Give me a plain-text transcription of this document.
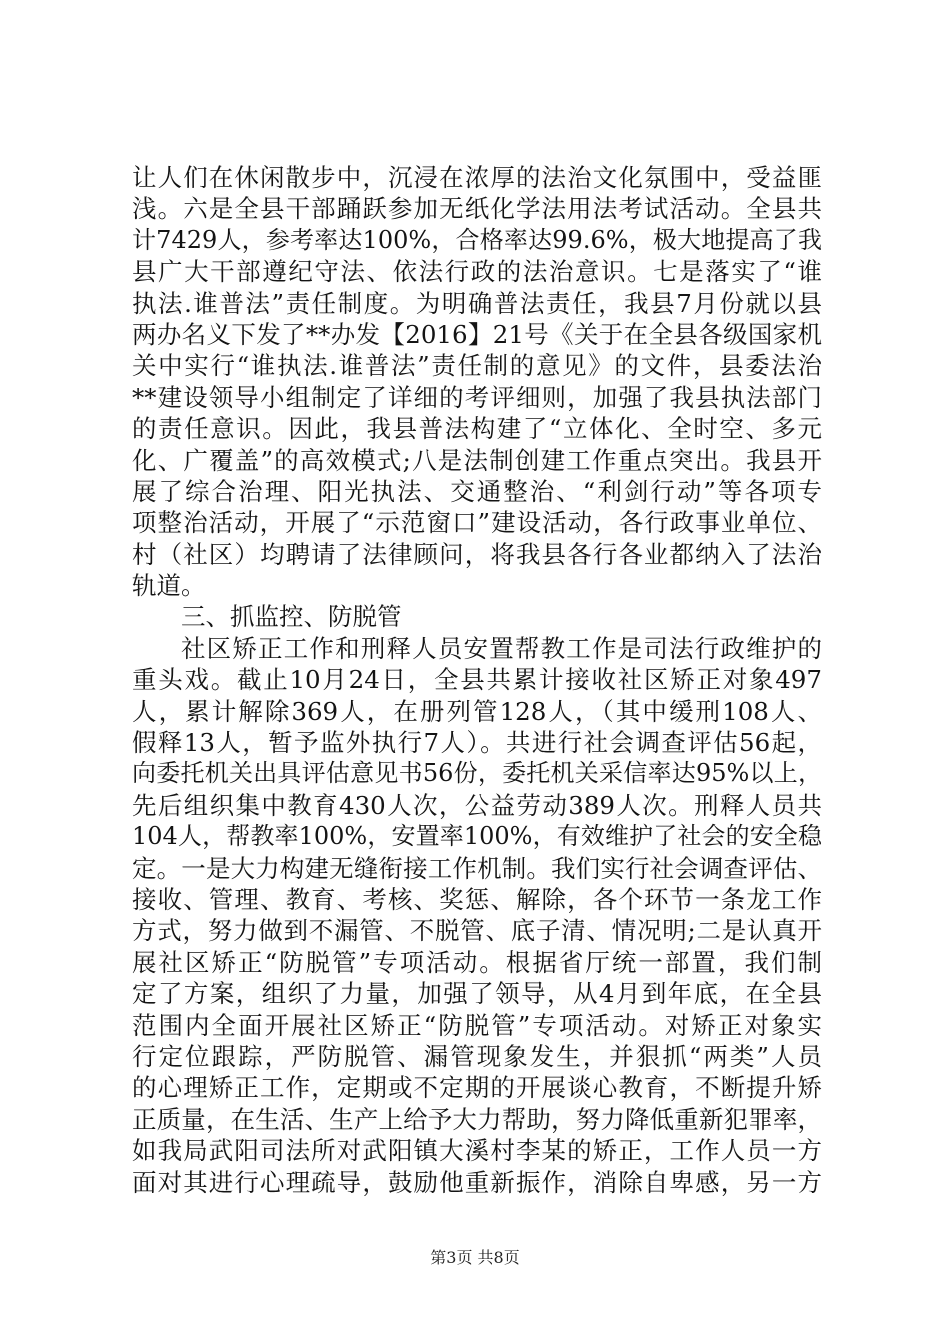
让人们在休闲散步中，沉浸在浓厚的法治文化氛围中，受益匪
浅。六是全县干部踊跃参加无纸化学法用法考试活动。全县共
计7429人，参考率达100%，合格率达99.6%，极大地提高了我
县广大干部遵纪守法、依法行政的法治意识。七是落实了“谁
执法.谁普法”责任制度。为明确普法责任，我县7月份就以县
两办名义下发了**办发【2016】21号《关于在全县各级国家机
关中实行“谁执法.谁普法”责任制的意见》的文件，县委法治
**建设领导小组制定了详细的考评细则，加强了我县执法部门
的责任意识。因此，我县普法构建了“立体化、全时空、多元
化、广覆盖”的高效模式;八是法制创建工作重点突出。我县开
展了综合治理、阳光执法、交通整治、“利剑行动”等各项专
项整治活动，开展了“示范窗口”建设活动，各行政事业单位、
村（社区）均聘请了法律顾问，将我县各行各业都纳入了法治
轨道。
三、抓监控、防脱管
社区矫正工作和刑释人员安置帮教工作是司法行政维护的
重头戏。截止10月24日，全县共累计接收社区矫正对象497
人，累计解除369人，在册列管128人，（其中缓刑108人、
假释13人，暂予监外执行7人）。共进行社会调查评估56起，
向委托机关出具评估意见书56份，委托机关采信率达95%以上，
先后组织集中教育430人次，公益劳动389人次。刑释人员共
104人，帮教率100%，安置率100%，有效维护了社会的安全稳
定。一是大力构建无缝衔接工作机制。我们实行社会调查评估、
接收、管理、教育、考核、奖惩、解除，各个环节一条龙工作
方式，努力做到不漏管、不脱管、底子清、情况明;二是认真开
展社区矫正“防脱管”专项活动。根据省厅统一部置，我们制
定了方案，组织了力量，加强了领导，从4月到年底，在全县
范围内全面开展社区矫正“防脱管”专项活动。对矫正对象实
行定位跟踪，严防脱管、漏管现象发生，并狠抓“两类”人员
的心理矫正工作，定期或不定期的开展谈心教育，不断提升矫
正质量，在生活、生产上给予大力帮助，努力降低重新犯罪率，
如我局武阳司法所对武阳镇大溪村李某的矫正，工作人员一方
面对其进行心理疏导，鼓励他重新振作，消除自卑感，另一方
第3页 共8页
